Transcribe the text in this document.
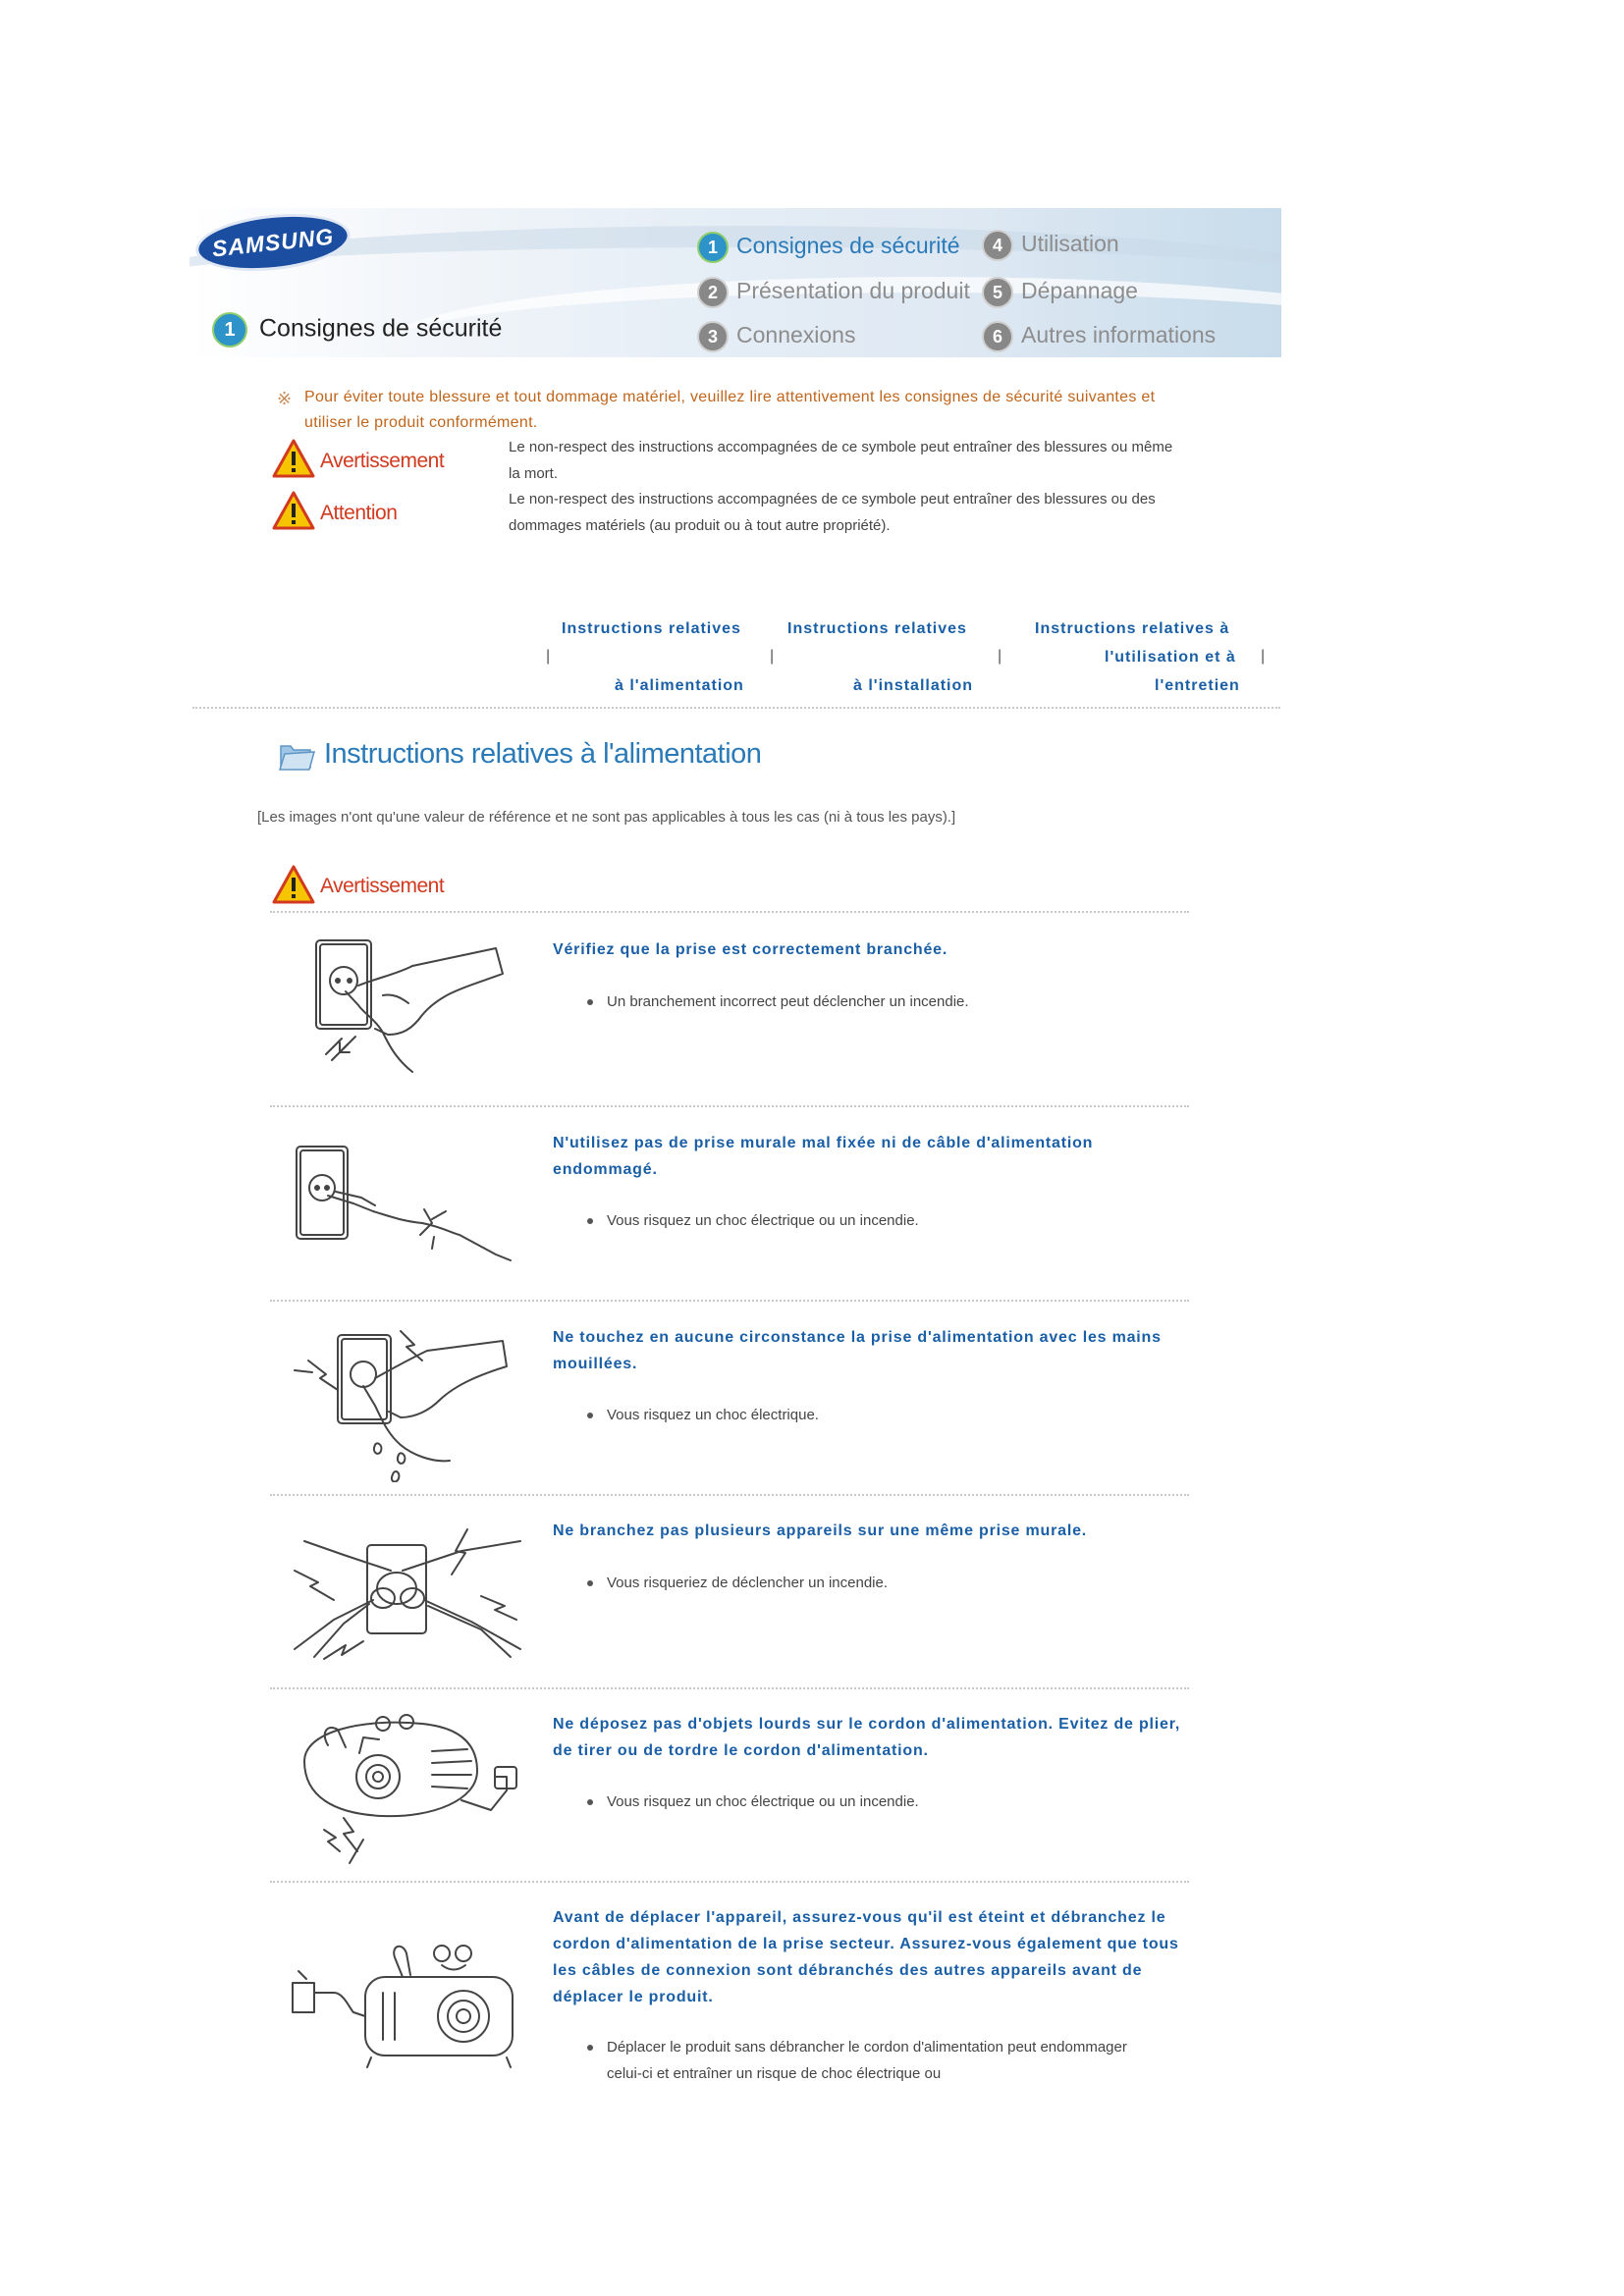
SAMSUNG	1 Consignes de sécurité	4 Utilisation
2 Présentation du produit	5 Dépannage
3 Connexions	6 Autres informations
1 Consignes de sécurité
※ Pour éviter toute blessure et tout dommage matériel, veuillez lire attentivement les consignes de sécurité suivantes et utiliser le produit conformément.
Avertissement
Le non-respect des instructions accompagnées de ce symbole peut entraîner des blessures ou même la mort.
Attention
Le non-respect des instructions accompagnées de ce symbole peut entraîner des blessures ou des dommages matériels (au produit ou à tout autre propriété).
|
Instructions relatives
à l'alimentation
|
Instructions relatives
à l'installation
|
Instructions relatives à
l'utilisation et à
l'entretien
|
Instructions relatives à l'alimentation
[Les images n'ont qu'une valeur de référence et ne sont pas applicables à tous les cas (ni à tous les pays).]
Avertissement
Vérifiez que la prise est correctement branchée.
Un branchement incorrect peut déclencher un incendie.
N'utilisez pas de prise murale mal fixée ni de câble d'alimentation endommagé.
Vous risquez un choc électrique ou un incendie.
Ne touchez en aucune circonstance la prise d'alimentation avec les mains mouillées.
Vous risquez un choc électrique.
Ne branchez pas plusieurs appareils sur une même prise murale.
Vous risqueriez de déclencher un incendie.
Ne déposez pas d'objets lourds sur le cordon d'alimentation. Evitez de plier, de tirer ou de tordre le cordon d'alimentation.
Vous risquez un choc électrique ou un incendie.
Avant de déplacer l'appareil, assurez-vous qu'il est éteint et débranchez le cordon d'alimentation de la prise secteur. Assurez-vous également que tous les câbles de connexion sont débranchés des autres appareils avant de déplacer le produit.
Déplacer le produit sans débrancher le cordon d'alimentation peut endommager celui-ci et entraîner un risque de choc électrique ou
